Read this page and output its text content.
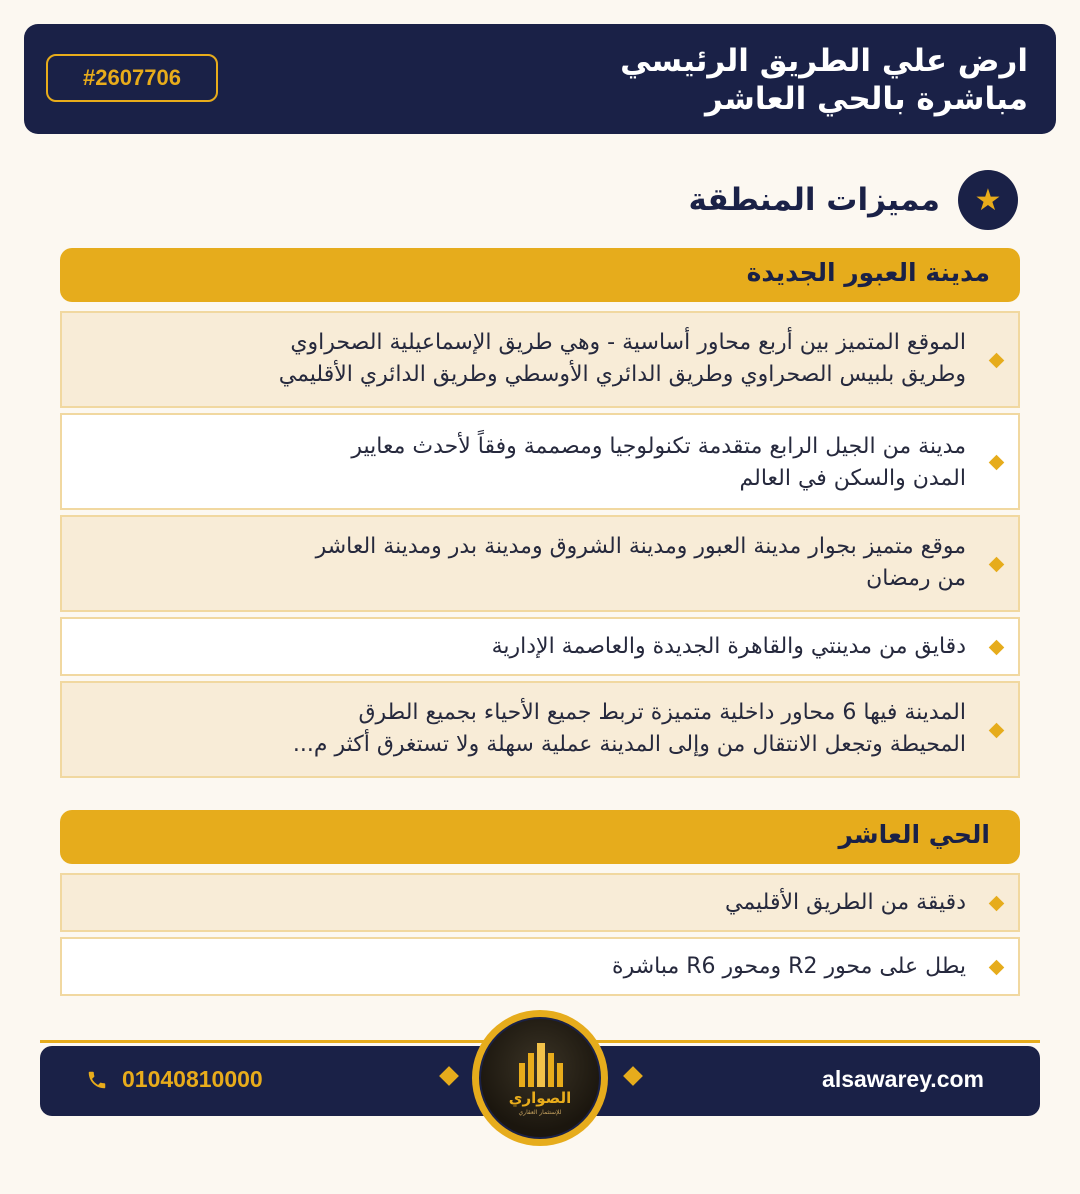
ارض علي الطريق الرئيسي
مباشرة بالحي العاشر
#2607706
★
مميزات المنطقة
مدينة العبور الجديدة
الموقع المتميز بين أربع محاور أساسية - وهي طريق الإسماعيلية الصحراوي
وطريق بلبيس الصحراوي وطريق الدائري الأوسطي وطريق الدائري الأقليمي
مدينة من الجيل الرابع متقدمة تكنولوجيا ومصممة وفقاً لأحدث معايير
المدن والسكن في العالم
موقع متميز بجوار مدينة العبور ومدينة الشروق ومدينة بدر ومدينة العاشر
من رمضان
دقايق من مدينتي والقاهرة الجديدة والعاصمة الإدارية
المدينة فيها 6 محاور داخلية متميزة تربط جميع الأحياء بجميع الطرق
المحيطة وتجعل الانتقال من وإلى المدينة عملية سهلة ولا تستغرق أكثر م...
الحي العاشر
دقيقة من الطريق الأقليمي
يطل على محور R2 ومحور R6 مباشرة
01040810000	alsawarey.com
الصواري
للإستثمار العقاري
